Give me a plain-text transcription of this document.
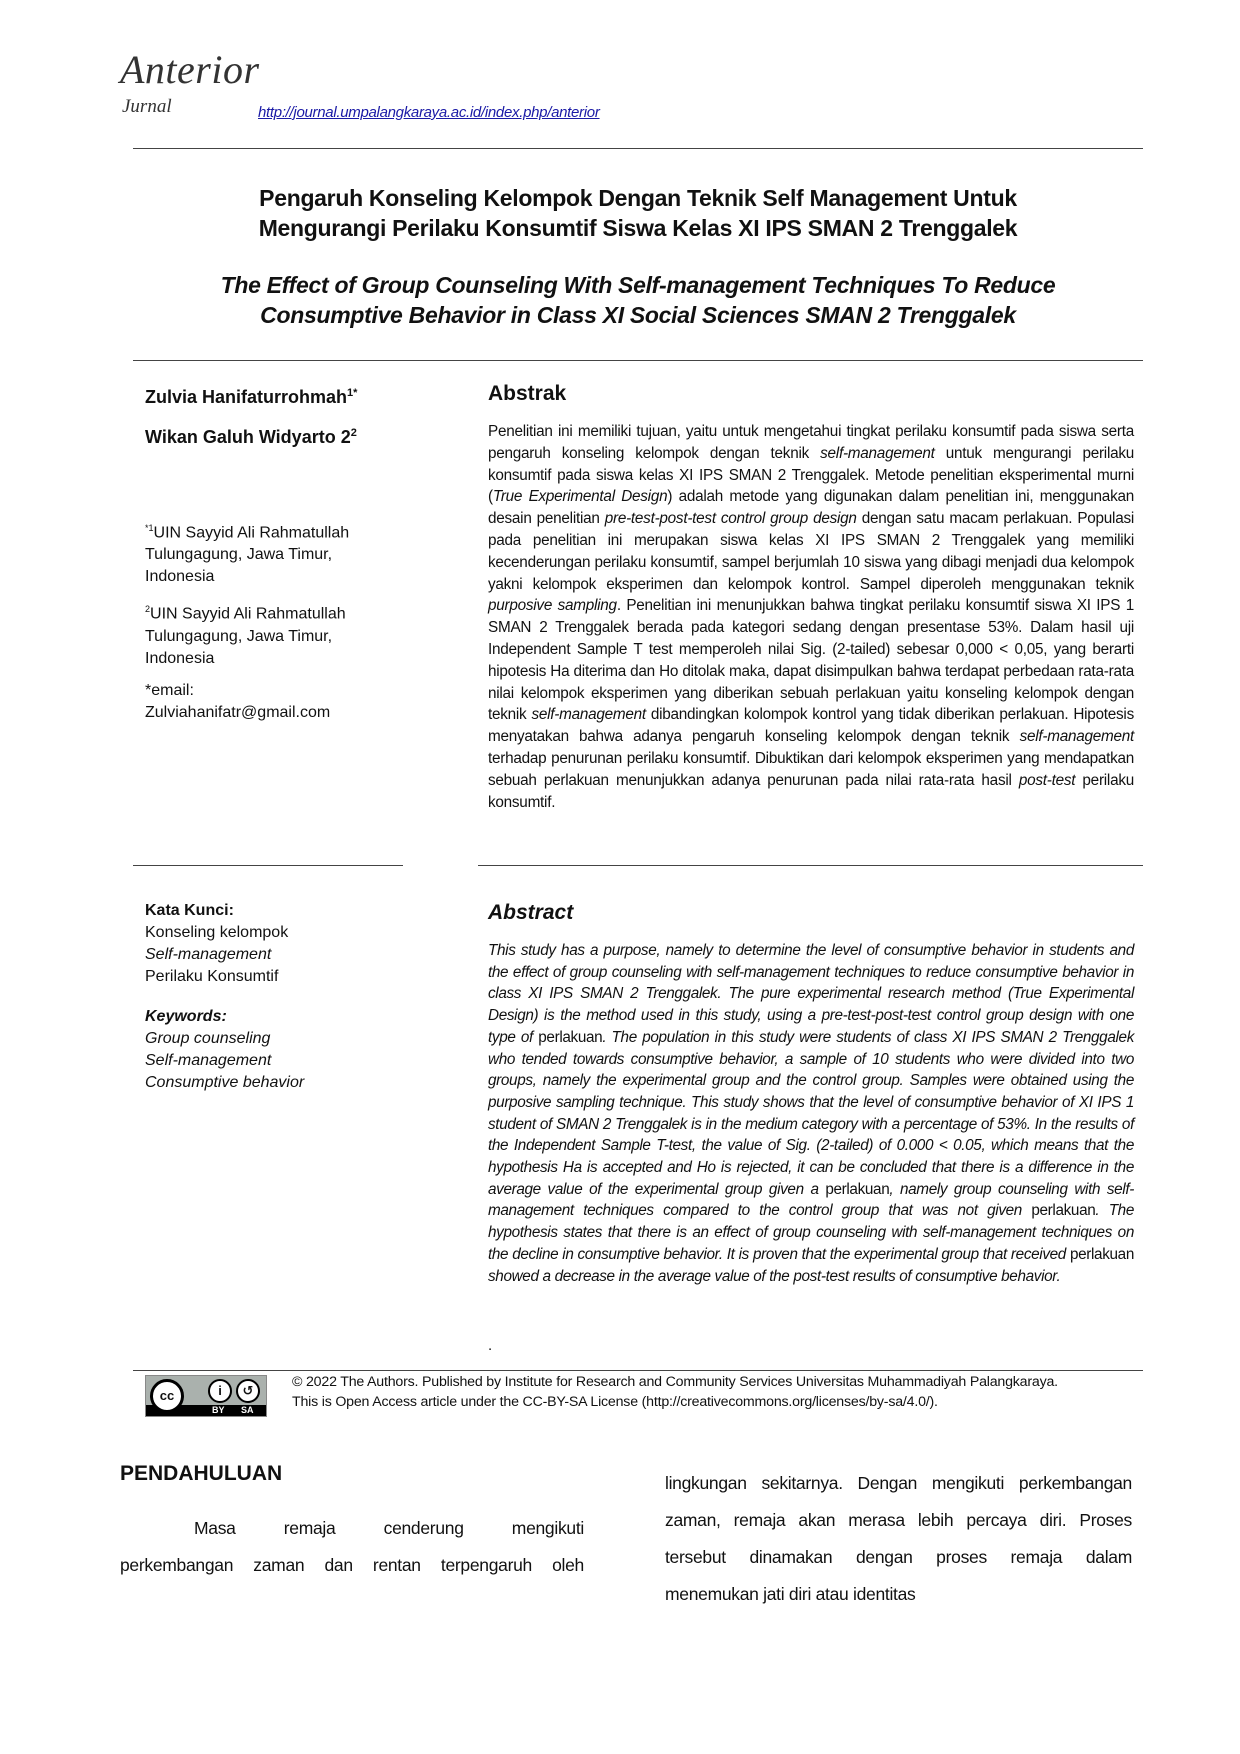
Anterior
Jurnal	http://journal.umpalangkaraya.ac.id/index.php/anterior
Pengaruh Konseling Kelompok Dengan Teknik Self Management Untuk
Mengurangi Perilaku Konsumtif Siswa Kelas XI IPS SMAN 2 Trenggalek
The Effect of Group Counseling With Self-management Techniques To Reduce
Consumptive Behavior in Class XI Social Sciences SMAN 2 Trenggalek

Zulvia Hanifaturrohmah$^{1*}$

Wikan Galuh Widyarto $2^2$

$^{*1}$UIN Sayyid Ali Rahmatullah Tulungagung, Jawa Timur, Indonesia

$^2$UIN Sayyid Ali Rahmatullah Tulungagung, Jawa Timur, Indonesia

*email:
Zulviahanifatr@gmail.com

Abstrak
Penelitian ini memiliki tujuan, yaitu untuk mengetahui tingkat perilaku konsumtif pada siswa serta pengaruh konseling kelompok dengan teknik self-management untuk mengurangi perilaku konsumtif pada siswa kelas XI IPS SMAN 2 Trenggalek. Metode penelitian eksperimental murni (True Experimental Design) adalah metode yang digunakan dalam penelitian ini, menggunakan desain penelitian pre-test-post-test control group design dengan satu macam perlakuan. Populasi pada penelitian ini merupakan siswa kelas XI IPS SMAN 2 Trenggalek yang memiliki kecenderungan perilaku konsumtif, sampel berjumlah 10 siswa yang dibagi menjadi dua kelompok yakni kelompok eksperimen dan kelompok kontrol. Sampel diperoleh menggunakan teknik purposive sampling. Penelitian ini menunjukkan bahwa tingkat perilaku konsumtif siswa XI IPS 1 SMAN 2 Trenggalek berada pada kategori sedang dengan presentase 53%. Dalam hasil uji Independent Sample T test memperoleh nilai Sig. (2-tailed) sebesar 0,000 < 0,05, yang berarti hipotesis Ha diterima dan Ho ditolak maka, dapat disimpulkan bahwa terdapat perbedaan rata-rata nilai kelompok eksperimen yang diberikan sebuah perlakuan yaitu konseling kelompok dengan teknik self-management dibandingkan kolompok kontrol yang tidak diberikan perlakuan. Hipotesis menyatakan bahwa adanya pengaruh konseling kelompok dengan teknik self-management terhadap penurunan perilaku konsumtif. Dibuktikan dari kelompok eksperimen yang mendapatkan sebuah perlakuan menunjukkan adanya penurunan pada nilai rata-rata hasil post-test perilaku konsumtif.
Kata Kunci:
Konseling kelompok
Self-management
Perilaku Konsumtif
Keywords:
Group counseling
Self-management
Consumptive behavior
Abstract
This study has a purpose, namely to determine the level of consumptive behavior in students and the effect of group counseling with self-management techniques to reduce consumptive behavior in class XI IPS SMAN 2 Trenggalek. The pure experimental research method (True Experimental Design) is the method used in this study, using a pre-test-post-test control group design with one type of perlakuan. The population in this study were students of class XI IPS SMAN 2 Trenggalek who tended towards consumptive behavior, a sample of 10 students who were divided into two groups, namely the experimental group and the control group. Samples were obtained using the purposive sampling technique. This study shows that the level of consumptive behavior of XI IPS 1 student of SMAN 2 Trenggalek is in the medium category with a percentage of 53%. In the results of the Independent Sample T-test, the value of Sig. (2-tailed) of 0.000 < 0.05, which means that the hypothesis Ha is accepted and Ho is rejected, it can be concluded that there is a difference in the average value of the experimental group given a perlakuan, namely group counseling with self-management techniques compared to the control group that was not given perlakuan. The hypothesis states that there is an effect of group counseling with self-management techniques on the decline in consumptive behavior. It is proven that the experimental group that received perlakuan showed a decrease in the average value of the post-test results of consumptive behavior.
.
cc	i	↺
BY SA
© 2022 The Authors. Published by Institute for Research and Community Services Universitas Muhammadiyah Palangkaraya.
This is Open Access article under the CC-BY-SA License (http://creativecommons.org/licenses/by-sa/4.0/).
PENDAHULUAN
Masa remaja cenderung mengikuti
perkembangan zaman dan rentan terpengaruh oleh
lingkungan sekitarnya. Dengan mengikuti perkembangan zaman, remaja akan merasa lebih percaya diri. Proses tersebut dinamakan dengan proses remaja dalam menemukan jati diri atau identitas
